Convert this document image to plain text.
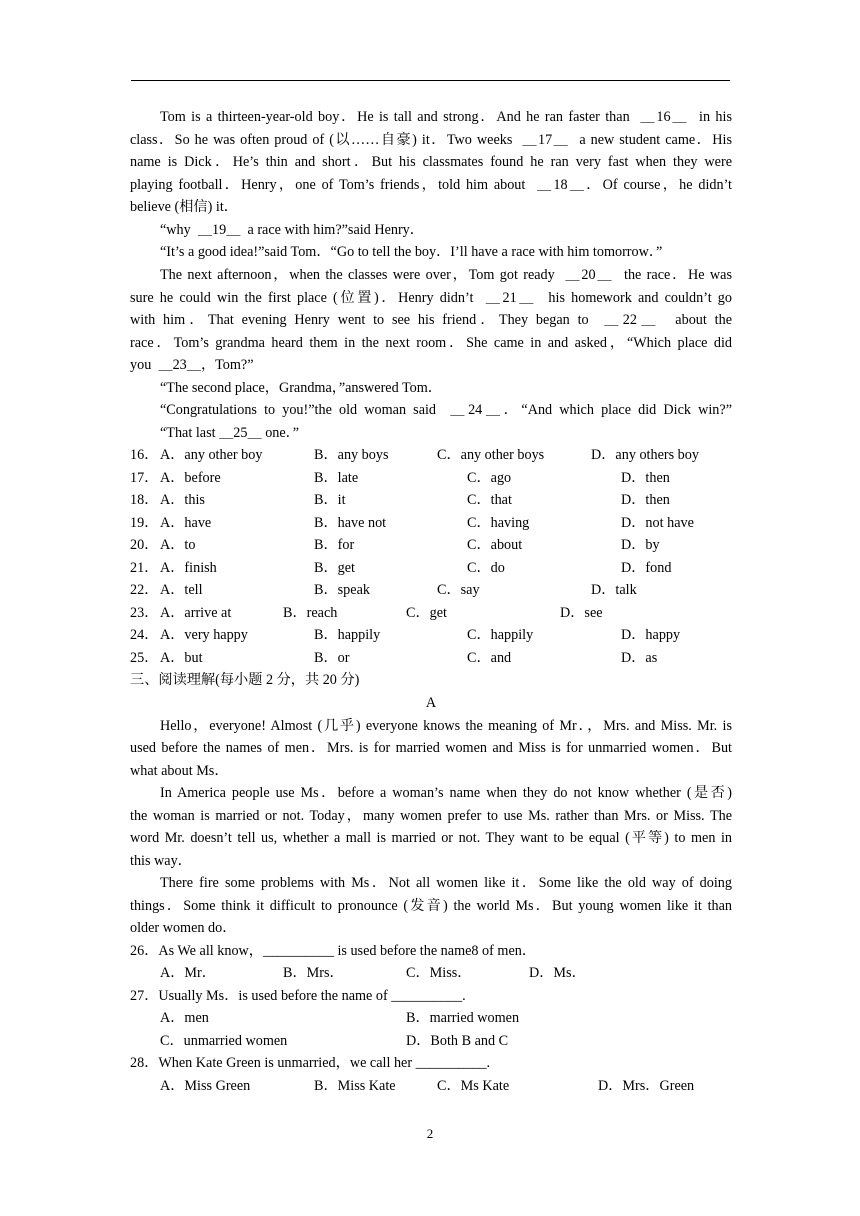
Tom is a thirteen-year-old boy．He is tall and strong．And he ran faster than  ＿16＿  in his
class．So he was often proud of (以……自豪) it．Two weeks  ＿17＿  a new student came．His
name is Dick．He’s thin and short．But his classmates found he ran very fast when they were
playing football．Henry，one of Tom’s friends，told him about  ＿18＿．Of course，he didn’t
believe (相信) it．
“why  ＿19＿  a race with him?”said Henry．
“It’s a good idea!”said Tom．“Go to tell the boy．I’ll have a race with him tomorrow．”
The next afternoon，when the classes were over，Tom got ready  ＿20＿  the race．He was
sure he could win the first place (位置)．Henry didn’t  ＿21＿  his homework and couldn’t go
with him．That evening Henry went to see his friend．They began to  ＿22＿  about the
race．Tom’s grandma heard them in the next room．She came in and asked，“Which place did
you  ＿23＿，Tom?”
“The second place，Grandma，”answered Tom．
“Congratulations to you!”the old woman said  ＿24＿．“And which place did Dick win?”
“That last ＿25＿ one．”
16． A．any other boy	B．any boys	C．any other boys	D．any others boy
17． A．before	B．late	C．ago	D．then
18． A．this	B．it	C．that	D．then
19． A．have	B．have not	C．having	D．not have
20． A．to	B．for	C．about	D．by
21． A．finish	B．get	C．do	D．fond
22． A．tell	B．speak	C．say	D．talk
23． A．arrive at	B．reach	C．get	D．see
24． A．very happy	B．happily	C．happily	D．happy
25． A．but	B．or	C．and	D．as
三、阅读理解(每小题 2 分，共 20 分)
A
Hello，everyone! Almost (几乎) everyone knows the meaning of Mr．，Mrs. and Miss. Mr. is
used before the names of men．Mrs. is for married women and Miss is for unmarried women．But
what about Ms．
In America people use Ms．before a woman’s name when they do not know whether (是否)
the woman is married or not. Today，many women prefer to use Ms. rather than Mrs. or Miss. The
word Mr. doesn’t tell us, whether a mall is married or not. They want to be equal (平等) to men in
this way．
There fire some problems with Ms．Not all women like it．Some like the old way of doing
things．Some think it difficult to pronounce (发音) the world Ms．But young women like it than
older women do．
26．As We all know，__________ is used before the name8 of men．
A．Mr．	B．Mrs．	C．Miss．	D．Ms．
27．Usually Ms．is used before the name of __________.
A．men	B．married women
C．unmarried women	D．Both B and C
28．When Kate Green is unmarried，we call her __________.
A．Miss Green	B．Miss Kate	C．Ms Kate	D．Mrs．Green
2
